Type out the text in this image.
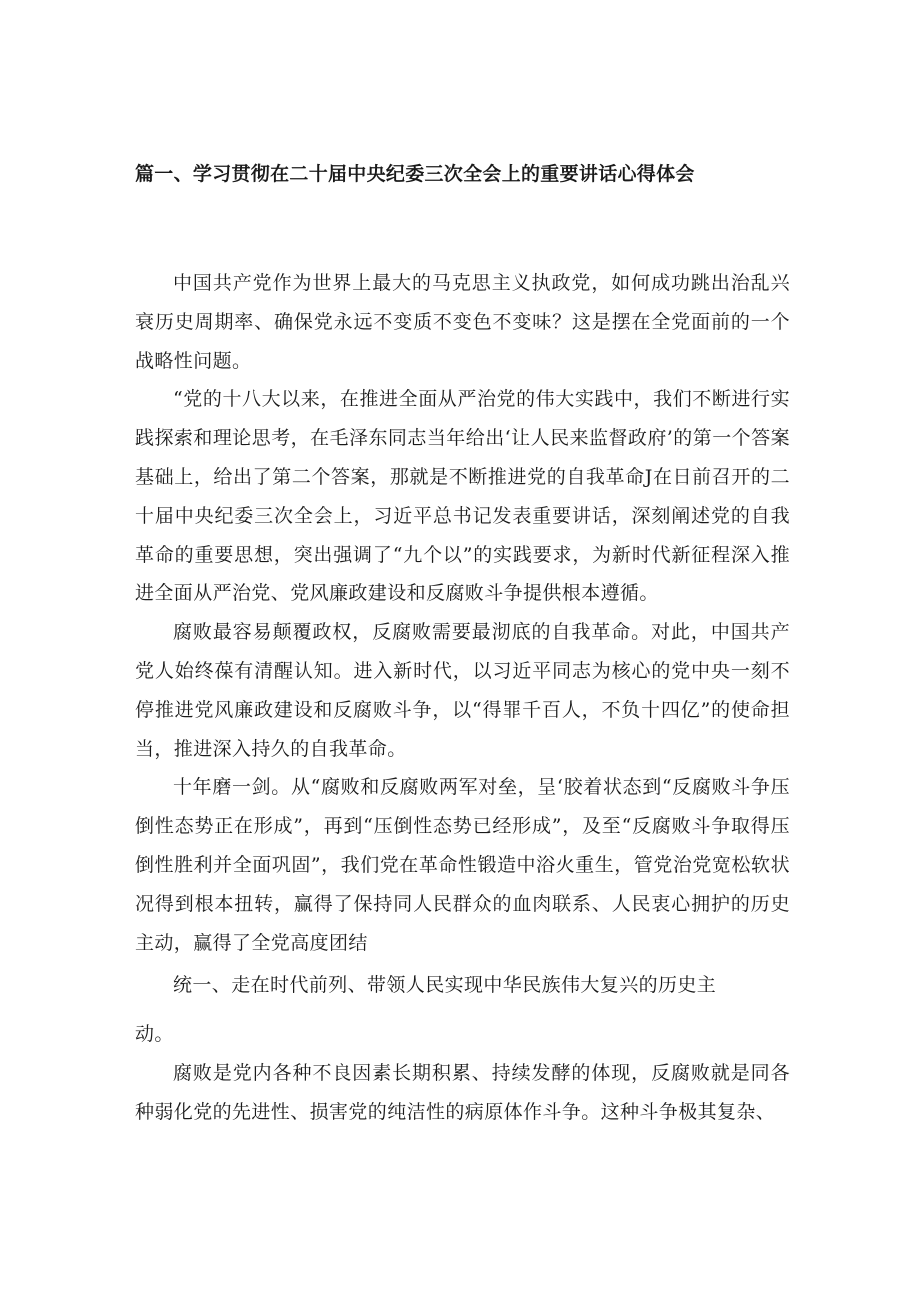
篇一、学习贯彻在二十届中央纪委三次全会上的重要讲话心得体会

中国共产党作为世界上最大的马克思主义执政党，如何成功跳出治乱兴衰历史周期率、确保党永远不变质不变色不变味？这是摆在全党面前的一个战略性问题。

“党的十八大以来，在推进全面从严治党的伟大实践中，我们不断进行实践探索和理论思考，在毛泽东同志当年给出‘让人民来监督政府’的第一个答案基础上，给出了第二个答案，那就是不断推进党的自我革命J在日前召开的二十届中央纪委三次全会上，习近平总书记发表重要讲话，深刻阐述党的自我革命的重要思想，突出强调了“九个以”的实践要求，为新时代新征程深入推进全面从严治党、党风廉政建设和反腐败斗争提供根本遵循。

腐败最容易颠覆政权，反腐败需要最沏底的自我革命。对此，中国共产党人始终葆有清醒认知。进入新时代，以习近平同志为核心的党中央一刻不停推进党风廉政建设和反腐败斗争，以“得罪千百人，不负十四亿”的使命担当，推进深入持久的自我革命。

十年磨一剑。从“腐败和反腐败两军对垒，呈‘胶着状态到“反腐败斗争压倒性态势正在形成”，再到“压倒性态势已经形成”，及至“反腐败斗争取得压倒性胜利并全面巩固”，我们党在革命性锻造中浴火重生，管党治党宽松软状况得到根本扭转，赢得了保持同人民群众的血肉联系、人民衷心拥护的历史主动，赢得了全党高度团结

统一、走在时代前列、带领人民实现中华民族伟大复兴的历史主

动。

腐败是党内各种不良因素长期积累、持续发酵的体现，反腐败就是同各种弱化党的先进性、损害党的纯洁性的病原体作斗争。这种斗争极其复杂、
